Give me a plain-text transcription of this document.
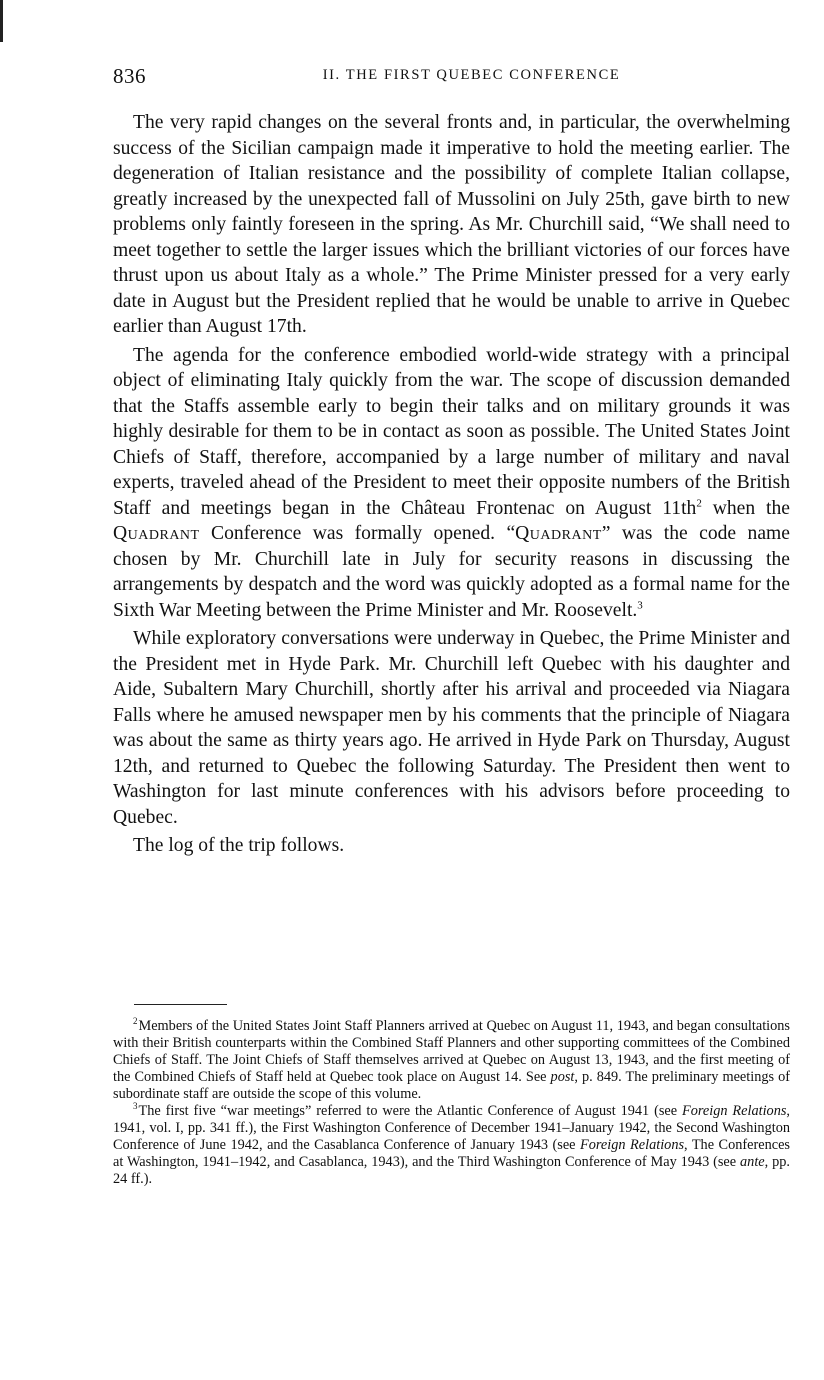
836	II. THE FIRST QUEBEC CONFERENCE

The very rapid changes on the several fronts and, in particular, the overwhelming success of the Sicilian campaign made it imperative to hold the meeting earlier. The degeneration of Italian resistance and the possibility of complete Italian collapse, greatly increased by the unexpected fall of Mussolini on July 25th, gave birth to new problems only faintly foreseen in the spring. As Mr. Churchill said, “We shall need to meet together to settle the larger issues which the brilliant victories of our forces have thrust upon us about Italy as a whole.” The Prime Minister pressed for a very early date in August but the President replied that he would be unable to arrive in Quebec earlier than August 17th.

The agenda for the conference embodied world-wide strategy with a principal object of eliminating Italy quickly from the war. The scope of discussion demanded that the Staffs assemble early to begin their talks and on military grounds it was highly desirable for them to be in contact as soon as possible. The United States Joint Chiefs of Staff, therefore, accompanied by a large number of military and naval experts, traveled ahead of the President to meet their opposite numbers of the British Staff and meetings began in the Château Frontenac on August 11th$^2$ when the Quadrant Conference was formally opened. “Quadrant” was the code name chosen by Mr. Churchill late in July for security reasons in discussing the arrangements by despatch and the word was quickly adopted as a formal name for the Sixth War Meeting between the Prime Minister and Mr. Roosevelt.$^3$

While exploratory conversations were underway in Quebec, the Prime Minister and the President met in Hyde Park. Mr. Churchill left Quebec with his daughter and Aide, Subaltern Mary Churchill, shortly after his arrival and proceeded via Niagara Falls where he amused newspaper men by his comments that the principle of Niagara was about the same as thirty years ago. He arrived in Hyde Park on Thursday, August 12th, and returned to Quebec the following Saturday. The President then went to Washington for last minute conferences with his advisors before proceeding to Quebec.

The log of the trip follows.

$^2$Members of the United States Joint Staff Planners arrived at Quebec on August 11, 1943, and began consultations with their British counterparts within the Combined Staff Planners and other supporting committees of the Combined Chiefs of Staff. The Joint Chiefs of Staff themselves arrived at Quebec on August 13, 1943, and the first meeting of the Combined Chiefs of Staff held at Quebec took place on August 14. See post, p. 849. The preliminary meetings of subordinate staff are outside the scope of this volume.

$^3$The first five “war meetings” referred to were the Atlantic Conference of August 1941 (see Foreign Relations, 1941, vol. I, pp. 341 ff.), the First Washington Conference of December 1941–January 1942, the Second Washington Conference of June 1942, and the Casablanca Conference of January 1943 (see Foreign Relations, The Conferences at Washington, 1941–1942, and Casablanca, 1943), and the Third Washington Conference of May 1943 (see ante, pp. 24 ff.).
